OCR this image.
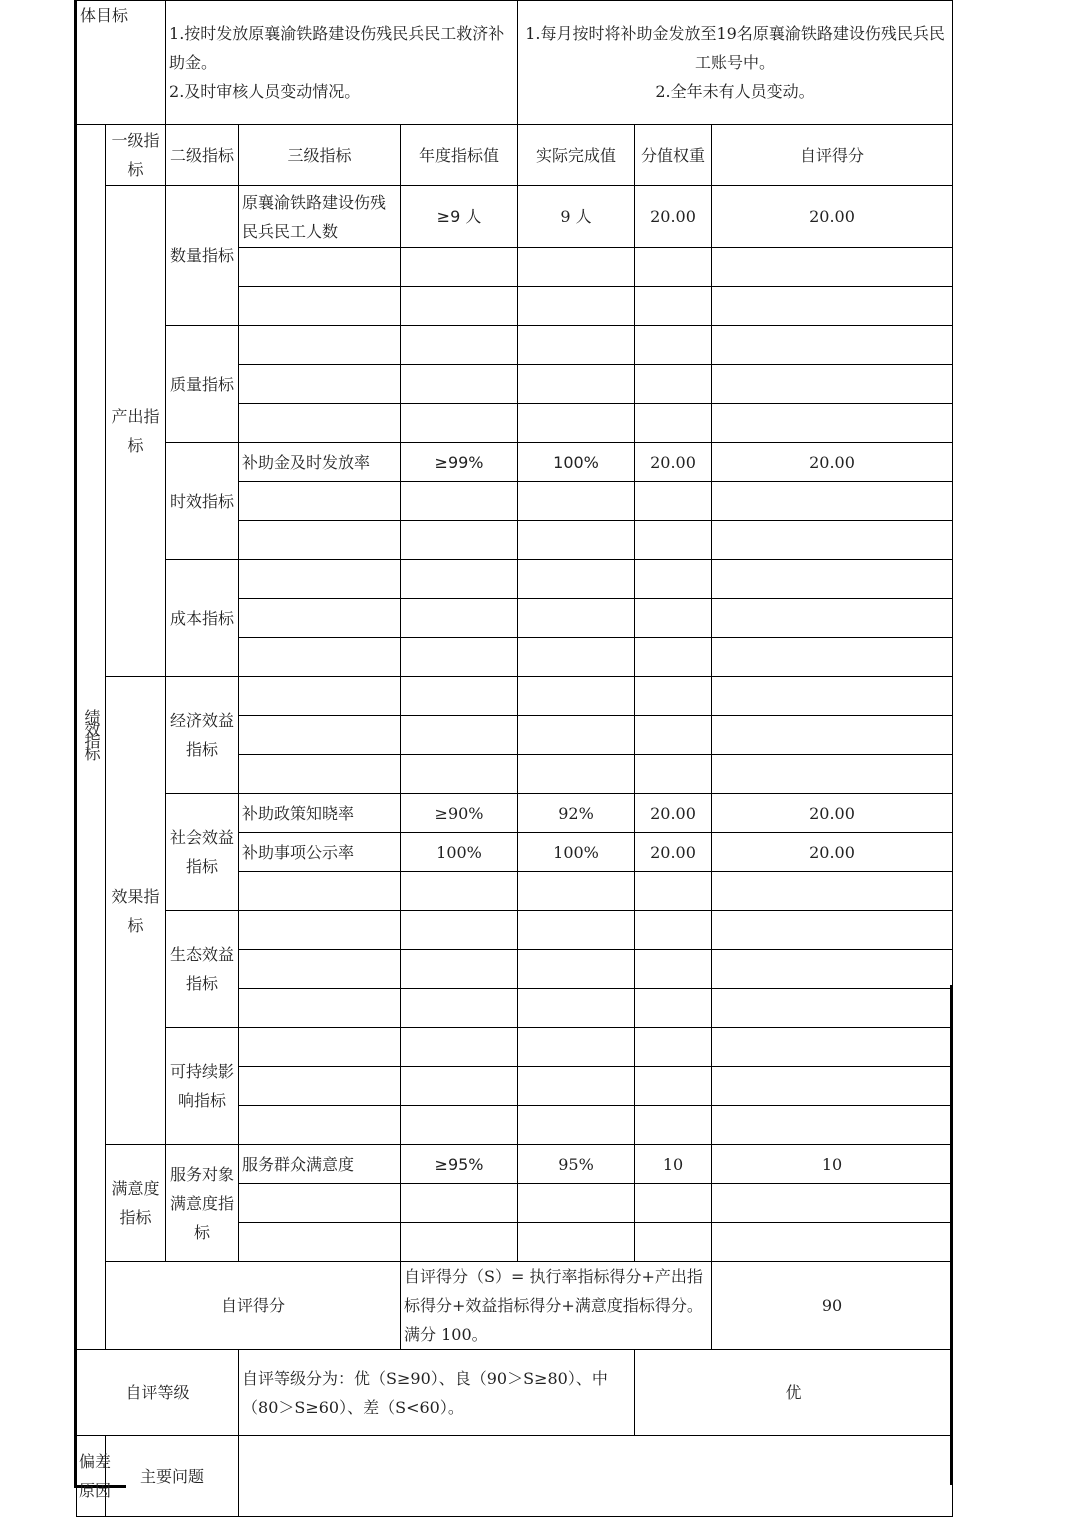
体目标		1.按时发放原襄渝铁路建设伤残民兵民工救济补助金。
2.及时审核人员变动情况。			1.每月按时将补助金发放至19名原襄渝铁路建设伤残民兵民工账号中。
2.全年未有人员变动。			
绩效指标	一级指标	二级指标	三级指标	年度指标值	实际完成值	分值权重	自评得分	
	产出指标	数量指标	原襄渝铁路建设伤残民兵民工人数	≥9 人	9 人	20.00	20.00	

		质量指标						

		时效指标	补助金及时发放率	≥99%	100%	20.00	20.00	

		成本指标						

	效果指标	经济效益指标						

		社会效益指标	补助政策知晓率	≥90%	92%	20.00	20.00	
			补助事项公示率	100%	100%	20.00	20.00	

		生态效益指标						

		可持续影响指标						

	满意度指标	服务对象满意度指标	服务群众满意度	≥95%	95%	10	10	

	自评得分			自评得分（S）= 执行率指标得分+产出指标得分+效益指标得分+满意度指标得分。满分 100。			90	
自评等级			自评等级分为：优（S≥90）、良（90＞S≥80）、中（80＞S≥60）、差（S<60）。			优		

偏差原因	主要问题							
